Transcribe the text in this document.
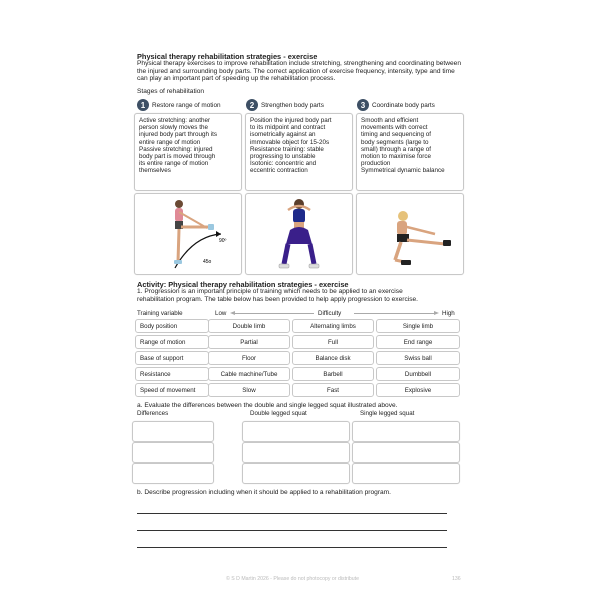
Physical therapy rehabilitation strategies - exercise
Physical therapy exercises to improve rehabilitation include stretching, strengthening and coordinating between the injured and surrounding body parts. The correct application of exercise frequency, intensity, type and time can play an important part of speeding up the rehabilitation process.
Stages of rehabilitation
1	Restore range of motion
Active stretching: another
person slowly moves the
injured body part through its
entire range of motion
Passive stretching: injured
body part is moved through
its entire range of motion
themselves
90º
45o
2	Strengthen body parts
Position the injured body part
to its midpoint and contract
isometrically against an
immovable object for 15-20s
Resistance training: stable
progressing to unstable
Isotonic: concentric and
eccentric contraction
3	Coordinate body parts
Smooth and efficient
movements with correct
timing and sequencing of
body segments (large to
small) through a range of
motion to maximise force
production
Symmetrical dynamic balance
Activity: Physical therapy rehabilitation strategies - exercise
1. Progression is an important principle of training which needs to be applied to an exercise
rehabilitation program. The table below has been provided to help apply progression to exercise.
Training variable	Low	Difficulty	High
Body position	Double limb	Alternating limbs	Single limb
Range of motion	Partial	Full	End range
Base of support	Floor	Balance disk	Swiss ball
Resistance	Cable machine/Tube	Barbell	Dumbbell
Speed of movement	Slow	Fast	Explosive
a. Evaluate the differences between the double and single legged squat illustrated above.
Differences	Double legged squat	Single legged squat
b. Describe progression including when it should be applied to a rehabilitation program.
© S D Martin 2026 - Please do not photocopy or distribute	136
